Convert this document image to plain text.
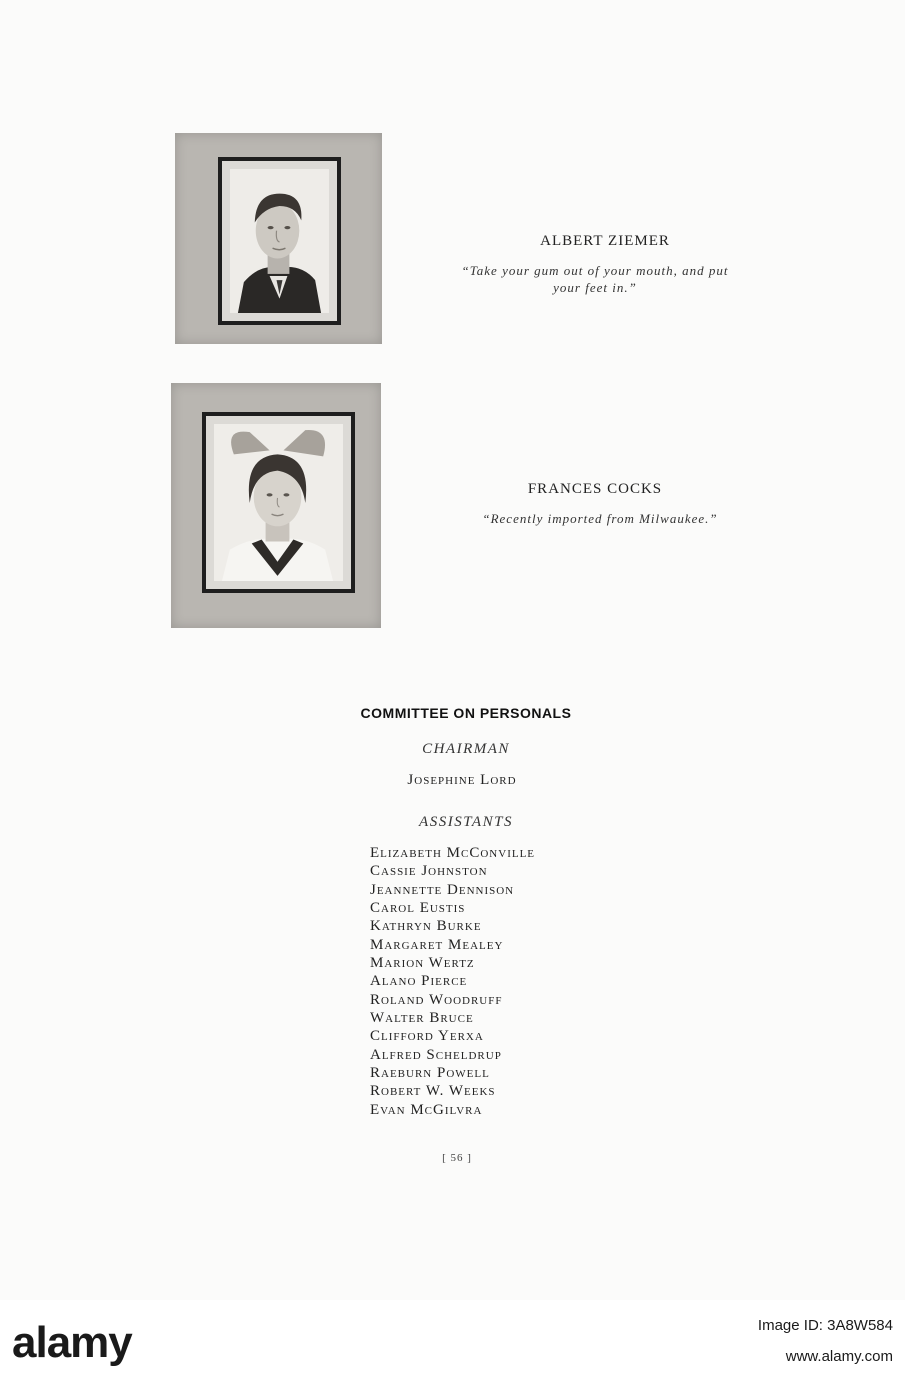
ALBERT ZIEMER
“Take your gum out of your mouth, and put
your feet in.”
FRANCES COCKS
“Recently imported from Milwaukee.”
COMMITTEE ON PERSONALS
CHAIRMAN
Josephine Lord
ASSISTANTS
Elizabeth McConville
Cassie Johnston
Jeannette Dennison
Carol Eustis
Kathryn Burke
Margaret Mealey
Marion Wertz
Alano Pierce
Roland Woodruff
Walter Bruce
Clifford Yerxa
Alfred Scheldrup
Raeburn Powell
Robert W. Weeks
Evan McGilvra
[ 56 ]
alamy	Image ID: 3A8W584
www.alamy.com
